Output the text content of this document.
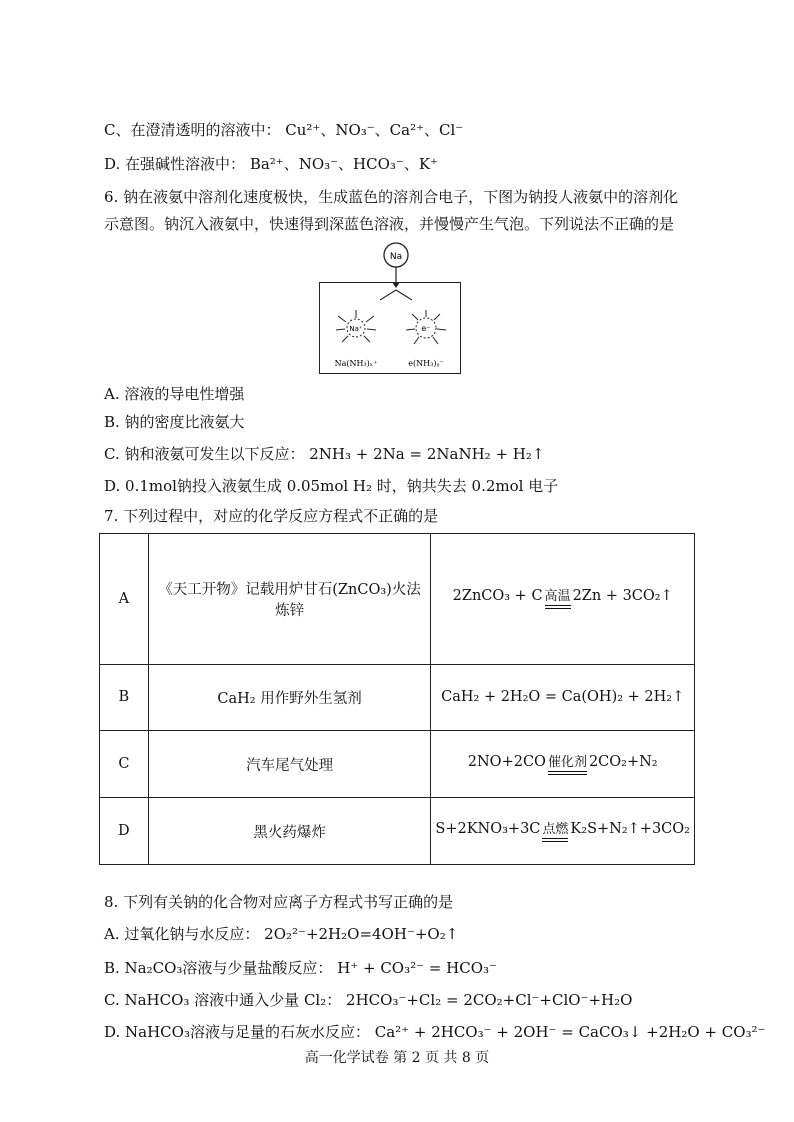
C、在澄清透明的溶液中： Cu²⁺、NO₃⁻、Ca²⁺、Cl⁻
D. 在强碱性溶液中： Ba²⁺、NO₃⁻、HCO₃⁻、K⁺
6. 钠在液氨中溶剂化速度极快，生成蓝色的溶剂合电子，下图为钠投人液氨中的溶剂化
示意图。钠沉入液氨中，快速得到深蓝色溶液，并慢慢产生气泡。下列说法不正确的是
Na
Na⁺	e⁻
Na(NH₃)ₓ⁺	e(NH₃)ᵧ⁻
A. 溶液的导电性增强
B. 钠的密度比液氨大
C. 钠和液氨可发生以下反应： 2NH₃ + 2Na = 2NaNH₂ + H₂↑
D. 0.1mol钠投入液氨生成 0.05mol H₂ 时，钠共失去 0.2mol 电子
7. 下列过程中，对应的化学反应方程式不正确的是
A	《天工开物》记载用炉甘石(ZnCO₃)火法炼锌	2ZnCO₃ + C 高温 2Zn + 3CO₂↑
B	CaH₂ 用作野外生氢剂	CaH₂ + 2H₂O = Ca(OH)₂ + 2H₂↑
C	汽车尾气处理	2NO+2CO 催化剂 2CO₂+N₂
D	黑火药爆炸	S+2KNO₃+3C 点燃 K₂S+N₂↑+3CO₂
8. 下列有关钠的化合物对应离子方程式书写正确的是
A. 过氧化钠与水反应： 2O₂²⁻+2H₂O=4OH⁻+O₂↑
B. Na₂CO₃溶液与少量盐酸反应： H⁺ + CO₃²⁻ = HCO₃⁻
C. NaHCO₃ 溶液中通入少量 Cl₂： 2HCO₃⁻+Cl₂ = 2CO₂+Cl⁻+ClO⁻+H₂O
D. NaHCO₃溶液与足量的石灰水反应： Ca²⁺ + 2HCO₃⁻ + 2OH⁻ = CaCO₃↓ +2H₂O + CO₃²⁻
高一化学试卷 第 2 页 共 8 页
